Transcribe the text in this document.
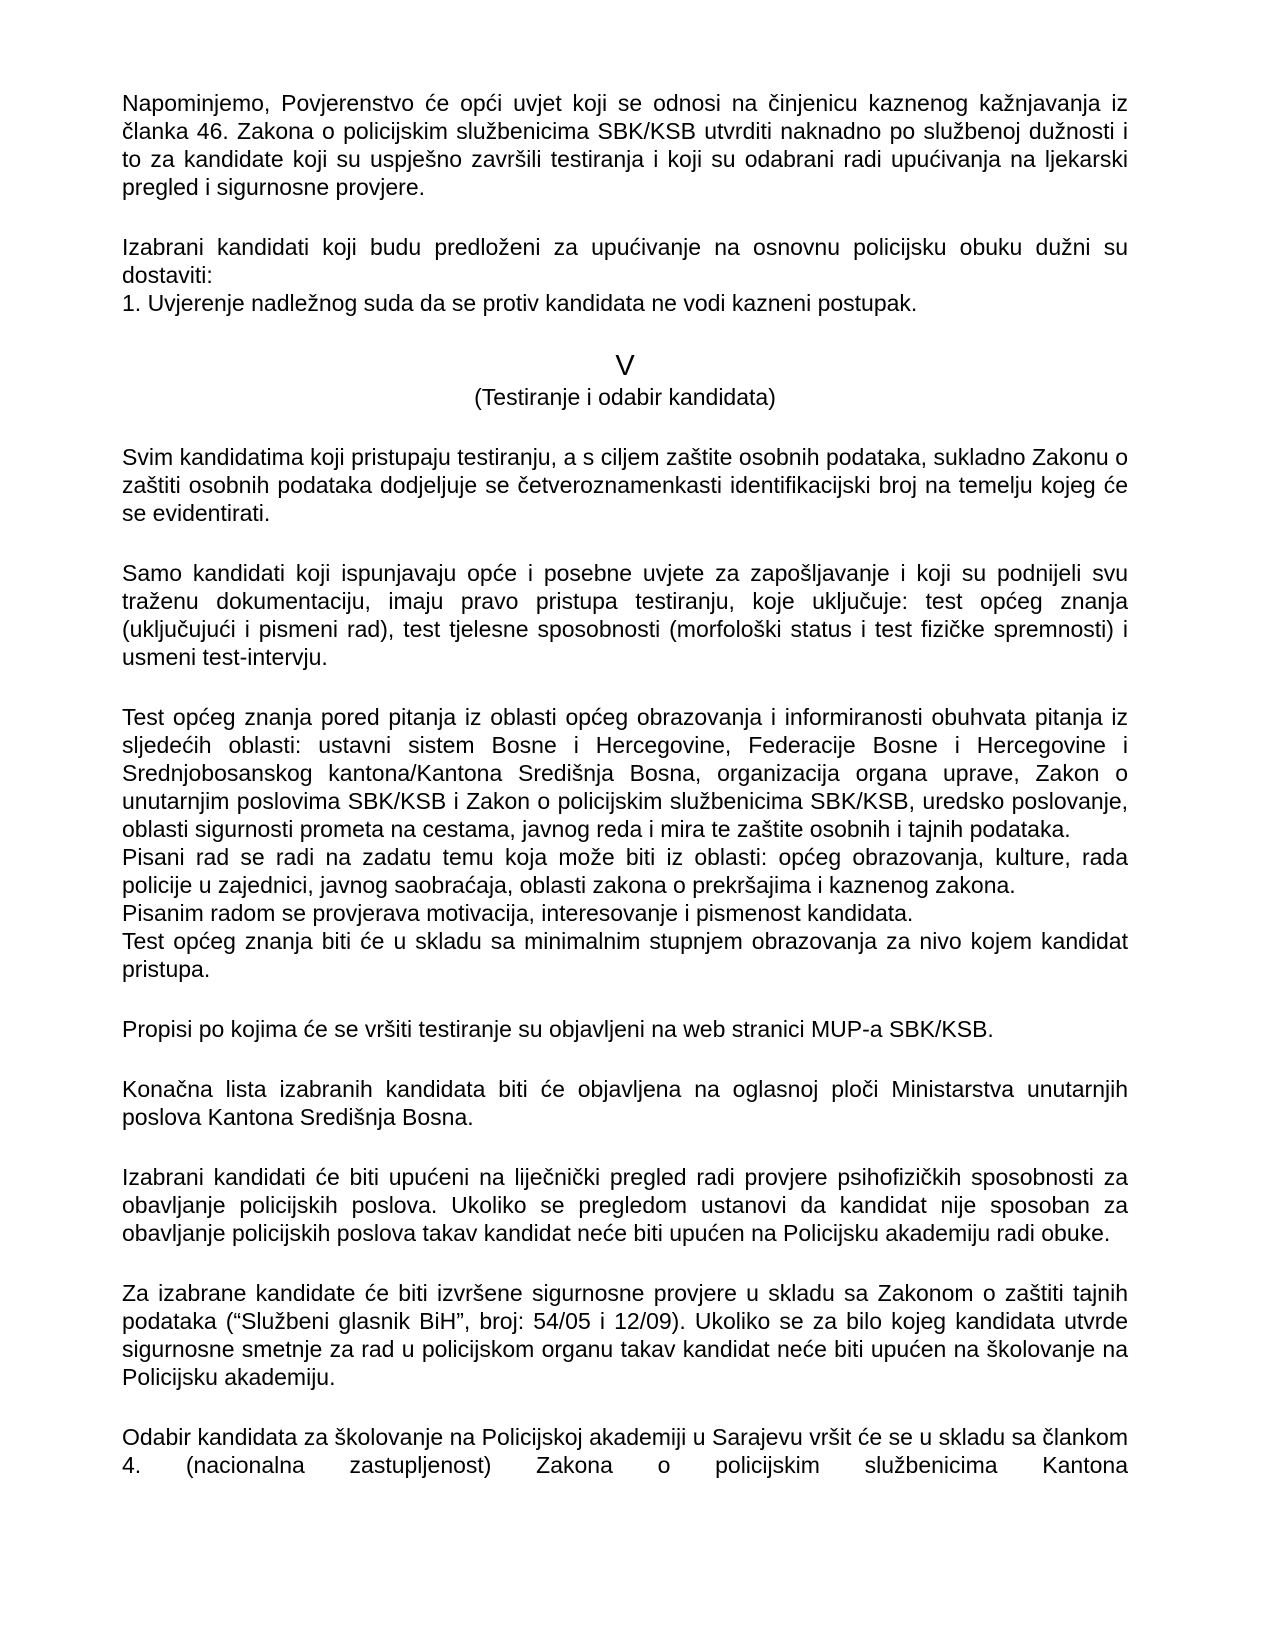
Napominjemo, Povjerenstvo će opći uvjet koji se odnosi na činjenicu kaznenog kažnjavanja iz članka 46. Zakona o policijskim službenicima SBK/KSB utvrditi naknadno po službenoj dužnosti i to za kandidate koji su uspješno završili testiranja i koji su odabrani radi upućivanja na ljekarski pregled i sigurnosne provjere.

Izabrani kandidati koji budu predloženi za upućivanje na osnovnu policijsku obuku dužni su dostaviti:

1. Uvjerenje nadležnog suda da se protiv kandidata ne vodi kazneni postupak.

V

(Testiranje i odabir kandidata)

Svim kandidatima koji pristupaju testiranju, a s ciljem zaštite osobnih podataka, sukladno Zakonu o zaštiti osobnih podataka dodjeljuje se četveroznamenkasti identifikacijski broj na temelju kojeg će se evidentirati.

Samo kandidati koji ispunjavaju opće i posebne uvjete za zapošljavanje i koji su podnijeli svu traženu dokumentaciju, imaju pravo pristupa testiranju, koje uključuje: test općeg znanja (uključujući i pismeni rad), test tjelesne sposobnosti (morfološki status i test fizičke spremnosti) i usmeni test-intervju.

Test općeg znanja pored pitanja iz oblasti općeg obrazovanja i informiranosti obuhvata pitanja iz sljedećih oblasti: ustavni sistem Bosne i Hercegovine, Federacije Bosne i Hercegovine i Srednjobosanskog kantona/Kantona Središnja Bosna, organizacija organa uprave, Zakon o unutarnjim poslovima SBK/KSB i Zakon o policijskim službenicima SBK/KSB, uredsko poslovanje, oblasti sigurnosti prometa na cestama, javnog reda i mira te zaštite osobnih i tajnih podataka.

Pisani rad se radi na zadatu temu koja može biti iz oblasti: općeg obrazovanja, kulture, rada policije u zajednici, javnog saobraćaja, oblasti zakona o prekršajima i kaznenog zakona.

Pisanim radom se provjerava motivacija, interesovanje i pismenost kandidata.

Test općeg znanja biti će u skladu sa minimalnim stupnjem obrazovanja za nivo kojem kandidat pristupa.

Propisi po kojima će se vršiti testiranje su objavljeni na web stranici MUP-a SBK/KSB.

Konačna lista izabranih kandidata biti će objavljena na oglasnoj ploči Ministarstva unutarnjih poslova Kantona Središnja Bosna.

Izabrani kandidati će biti upućeni na liječnički pregled radi provjere psihofizičkih sposobnosti za obavljanje policijskih poslova. Ukoliko se pregledom ustanovi da kandidat nije sposoban za obavljanje policijskih poslova takav kandidat neće biti upućen na Policijsku akademiju radi obuke.

Za izabrane kandidate će biti izvršene sigurnosne provjere u skladu sa Zakonom o zaštiti tajnih podataka (“Službeni glasnik BiH”, broj: 54/05 i 12/09). Ukoliko se za bilo kojeg kandidata utvrde sigurnosne smetnje za rad u policijskom organu takav kandidat neće biti upućen na školovanje na Policijsku akademiju.

Odabir kandidata za školovanje na Policijskoj akademiji u Sarajevu vršit će se u skladu sa člankom 4. (nacionalna zastupljenost) Zakona o policijskim službenicima Kantona
